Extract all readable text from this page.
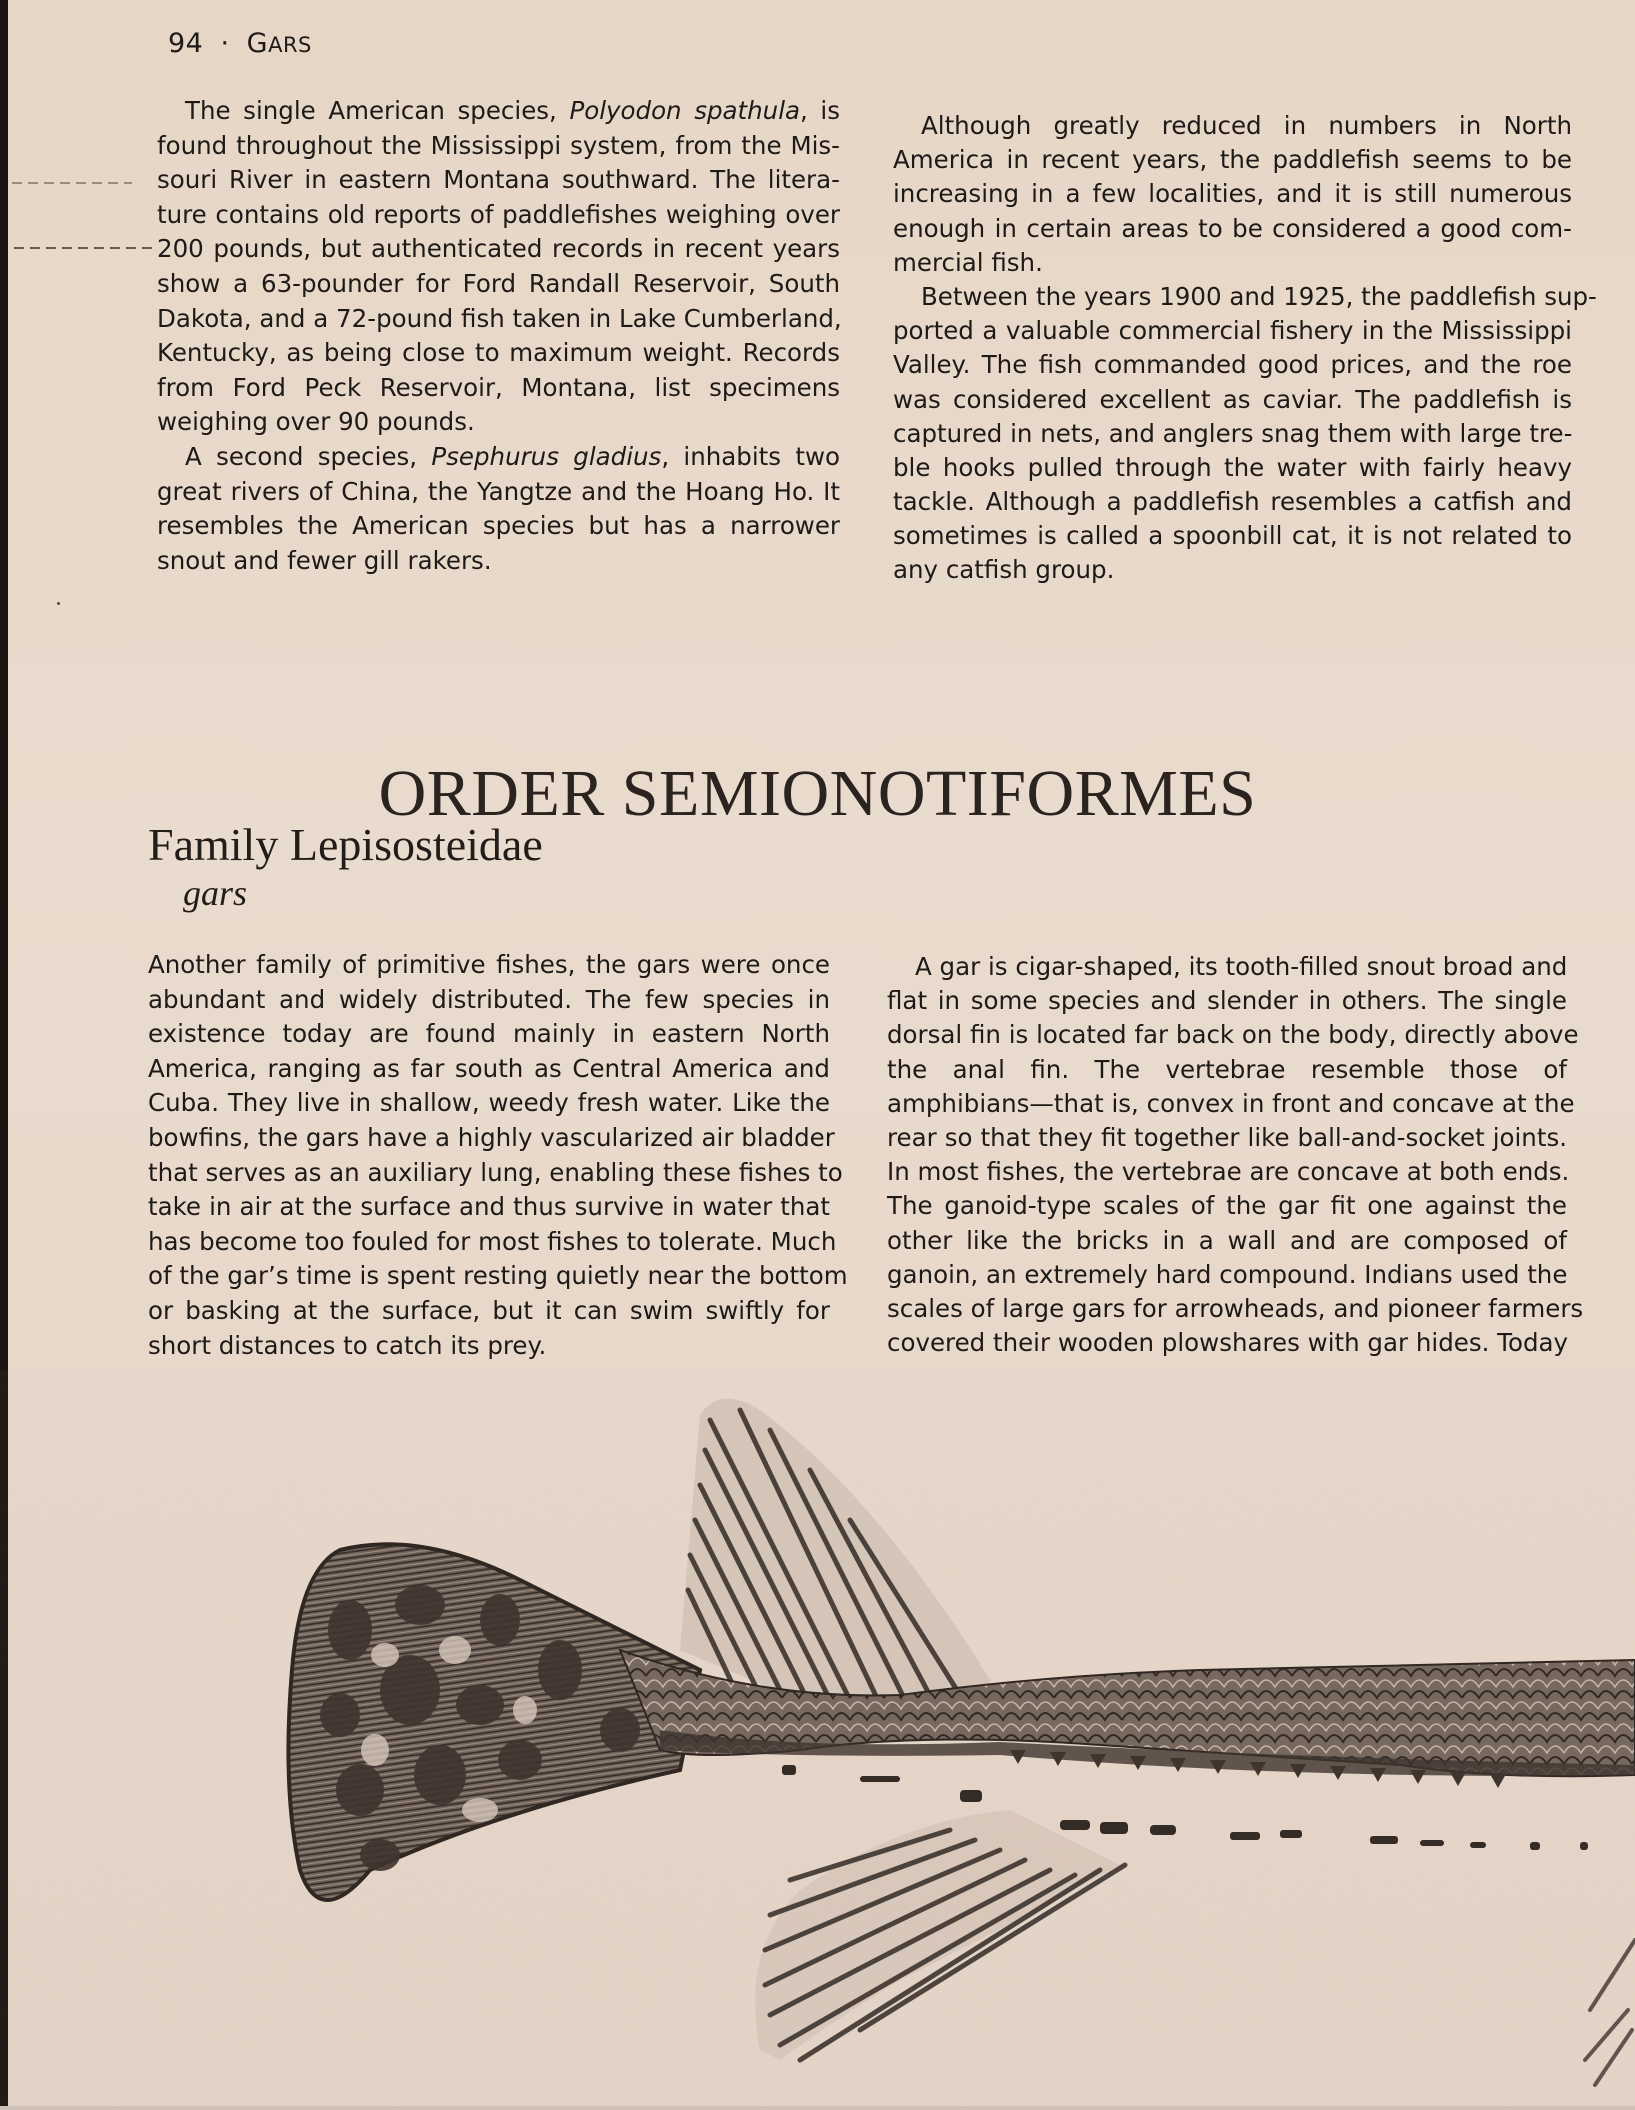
94 · GARS
The single American species, Polyodon spathula, is
found throughout the Mississippi system, from the Mis-
souri River in eastern Montana southward. The litera-
ture contains old reports of paddlefishes weighing over
200 pounds, but authenticated records in recent years
show a 63-pounder for Ford Randall Reservoir, South
Dakota, and a 72-pound fish taken in Lake Cumberland,
Kentucky, as being close to maximum weight. Records
from Ford Peck Reservoir, Montana, list specimens
weighing over 90 pounds.
A second species, Psephurus gladius, inhabits two
great rivers of China, the Yangtze and the Hoang Ho. It
resembles the American species but has a narrower
snout and fewer gill rakers.
Although greatly reduced in numbers in North
America in recent years, the paddlefish seems to be
increasing in a few localities, and it is still numerous
enough in certain areas to be considered a good com-
mercial fish.
Between the years 1900 and 1925, the paddlefish sup-
ported a valuable commercial fishery in the Mississippi
Valley. The fish commanded good prices, and the roe
was considered excellent as caviar. The paddlefish is
captured in nets, and anglers snag them with large tre-
ble hooks pulled through the water with fairly heavy
tackle. Although a paddlefish resembles a catfish and
sometimes is called a spoonbill cat, it is not related to
any catfish group.
ORDER SEMIONOTIFORMES
Family Lepisosteidae
gars
Another family of primitive fishes, the gars were once
abundant and widely distributed. The few species in
existence today are found mainly in eastern North
America, ranging as far south as Central America and
Cuba. They live in shallow, weedy fresh water. Like the
bowfins, the gars have a highly vascularized air bladder
that serves as an auxiliary lung, enabling these fishes to
take in air at the surface and thus survive in water that
has become too fouled for most fishes to tolerate. Much
of the gar’s time is spent resting quietly near the bottom
or basking at the surface, but it can swim swiftly for
short distances to catch its prey.
A gar is cigar-shaped, its tooth-filled snout broad and
flat in some species and slender in others. The single
dorsal fin is located far back on the body, directly above
the anal fin. The vertebrae resemble those of
amphibians—that is, convex in front and concave at the
rear so that they fit together like ball-and-socket joints.
In most fishes, the vertebrae are concave at both ends.
The ganoid-type scales of the gar fit one against the
other like the bricks in a wall and are composed of
ganoin, an extremely hard compound. Indians used the
scales of large gars for arrowheads, and pioneer farmers
covered their wooden plowshares with gar hides. Today
